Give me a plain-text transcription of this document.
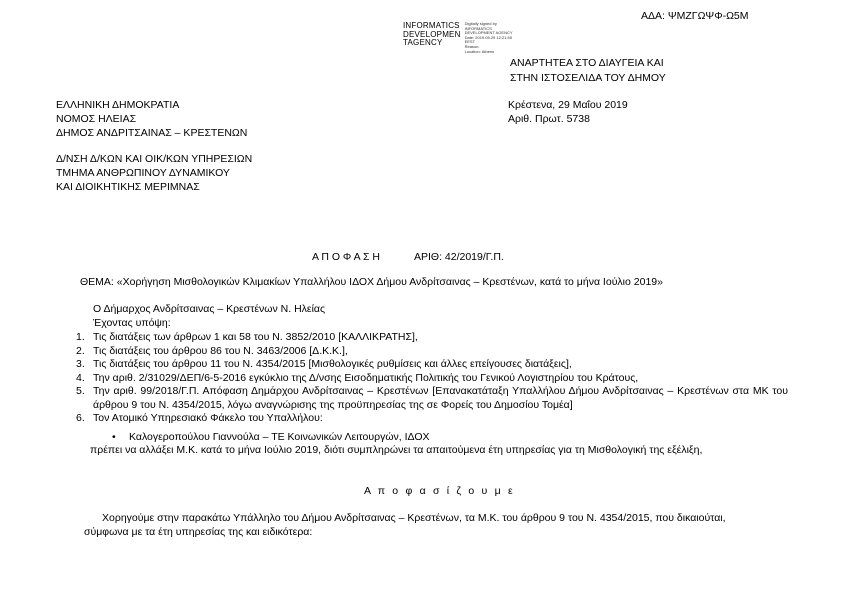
ΑΔΑ: ΨΜΖΓΩΨΦ-Ω5Μ
INFORMATICS
DEVELOPMEN
TAGENCY
Digitally signed by
INFORMATICS
DEVELOPMENT AGENCY
Date: 2019.05.29 12:21:55
EEST
Reason:
Location: Athens
ΑΝΑΡΤΗΤΕΑ ΣΤΟ ΔΙΑΥΓΕΙΑ ΚΑΙ
ΣΤΗΝ ΙΣΤΟΣΕΛΙΔΑ ΤΟΥ ΔΗΜΟΥ
ΕΛΛΗΝΙΚΗ ΔΗΜΟΚΡΑΤΙΑ
ΝΟΜΟΣ ΗΛΕΙΑΣ
ΔΗΜΟΣ ΑΝΔΡΙΤΣΑΙΝΑΣ – ΚΡΕΣΤΕΝΩΝ
Κρέστενα, 29 Μαΐου 2019
Αριθ. Πρωτ. 5738
Δ/ΝΣΗ Δ/ΚΩΝ ΚΑΙ ΟΙΚ/ΚΩΝ ΥΠΗΡΕΣΙΩΝ
ΤΜΗΜΑ ΑΝΘΡΩΠΙΝΟΥ ΔΥΝΑΜΙΚΟΥ
ΚΑΙ ΔΙΟΙΚΗΤΙΚΗΣ ΜΕΡΙΜΝΑΣ
Α Π Ο Φ Α Σ Η	ΑΡΙΘ: 42/2019/Γ.Π.
ΘΕΜΑ: «Χορήγηση Μισθολογικών Κλιμακίων Υπαλλήλου ΙΔΟΧ Δήμου Ανδρίτσαινας – Κρεστένων, κατά το μήνα Ιούλιο 2019»
Ο Δήμαρχος Ανδρίτσαινας – Κρεστένων Ν. Ηλείας
Έχοντας υπόψη:
1. Τις διατάξεις των άρθρων 1 και 58 του Ν. 3852/2010 [ΚΑΛΛΙΚΡΑΤΗΣ],
2. Τις διατάξεις του άρθρου 86 του Ν. 3463/2006 [Δ.Κ.Κ.],
3. Τις διατάξεις του άρθρου 11 του Ν. 4354/2015 [Μισθολογικές ρυθμίσεις και άλλες επείγουσες διατάξεις],
4. Την αριθ. 2/31029/ΔΕΠ/6-5-2016 εγκύκλιο της Δ/νσης Εισοδηματικής Πολιτικής του Γενικού Λογιστηρίου του Κράτους,
5. Την αριθ. 99/2018/Γ.Π. Απόφαση Δημάρχου Ανδρίτσαινας – Κρεστένων [Επανακατάταξη Υπαλλήλου Δήμου Ανδρίτσαινας – Κρεστένων στα ΜΚ του άρθρου 9 του Ν. 4354/2015, λόγω αναγνώρισης της προϋπηρεσίας της σε Φορείς του Δημοσίου Τομέα]
6. Τον Ατομικό Υπηρεσιακό Φάκελο του Υπαλλήλου:
• Καλογεροπούλου Γιαννούλα – ΤΕ Κοινωνικών Λειτουργών, ΙΔΟΧ
πρέπει να αλλάξει Μ.Κ. κατά το μήνα Ιούλιο 2019, διότι συμπληρώνει τα απαιτούμενα έτη υπηρεσίας για τη Μισθολογική της εξέλιξη,
Α π ο φ α σ ί ζ ο υ μ ε
Χορηγούμε στην παρακάτω Υπάλληλο του Δήμου Ανδρίτσαινας – Κρεστένων, τα Μ.Κ. του άρθρου 9 του Ν. 4354/2015, που δικαιούται, σύμφωνα με τα έτη υπηρεσίας της και ειδικότερα:
